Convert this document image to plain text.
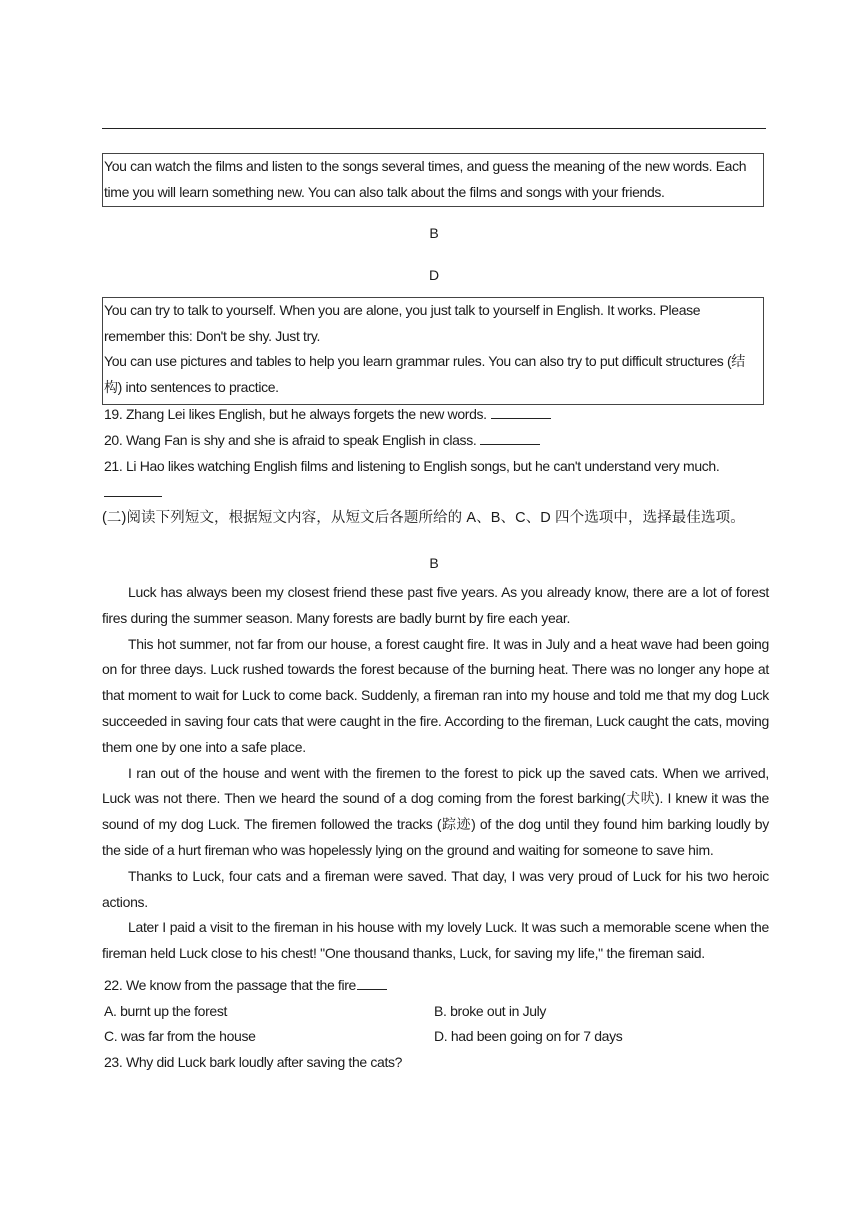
You can watch the films and listen to the songs several times, and guess the meaning of the new words. Each time you will learn something new. You can also talk about the films and songs with your friends.

B
D

You can try to talk to yourself. When you are alone, you just talk to yourself in English. It works. Please remember this: Don't be shy. Just try.

You can use pictures and tables to help you learn grammar rules. You can also try to put difficult structures (结构) into sentences to practice.

19. Zhang Lei likes English, but he always forgets the new words.
20. Wang Fan is shy and she is afraid to speak English in class.
21. Li Hao likes watching English films and listening to English songs, but he can't understand very much.
(二)阅读下列短文，根据短文内容，从短文后各题所给的 A、B、C、D 四个选项中，选择最佳选项。
B

Luck has always been my closest friend these past five years. As you already know, there are a lot of forest fires during the summer season. Many forests are badly burnt by fire each year.

This hot summer, not far from our house, a forest caught fire. It was in July and a heat wave had been going on for three days. Luck rushed towards the forest because of the burning heat. There was no longer any hope at that moment to wait for Luck to come back. Suddenly, a fireman ran into my house and told me that my dog Luck succeeded in saving four cats that were caught in the fire. According to the fireman, Luck caught the cats, moving them one by one into a safe place.

I ran out of the house and went with the firemen to the forest to pick up the saved cats. When we arrived, Luck was not there. Then we heard the sound of a dog coming from the forest barking(犬吠). I knew it was the sound of my dog Luck. The firemen followed the tracks (踪迹) of the dog until they found him barking loudly by the side of a hurt fireman who was hopelessly lying on the ground and waiting for someone to save him.

Thanks to Luck, four cats and a fireman were saved. That day, I was very proud of Luck for his two heroic actions.

Later I paid a visit to the fireman in his house with my lovely Luck. It was such a memorable scene when the fireman held Luck close to his chest! "One thousand thanks, Luck, for saving my life," the fireman said.

22. We know from the passage that the fire
A. burnt up the forest	B. broke out in July
C. was far from the house	D. had been going on for 7 days
23. Why did Luck bark loudly after saving the cats?
